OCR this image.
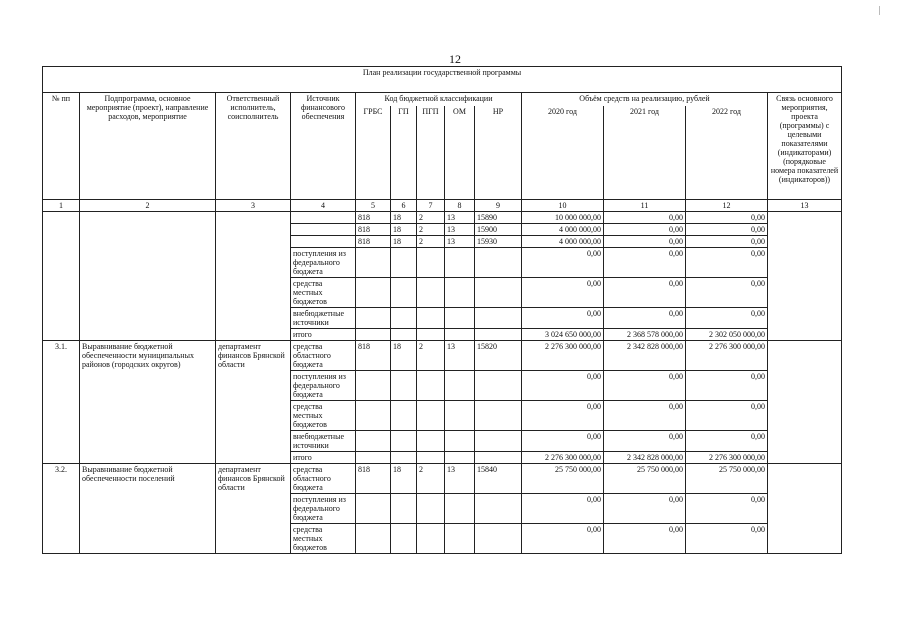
12
План реализации государственной программы												
№ пп	Подпрограмма, основное мероприятие (проект), направление расходов, мероприятие	Ответственный исполнитель, соисполнитель	Источник финансового обеспечения	Код бюджетной классификации					Объём средств на реализацию, рублей			Связь основного мероприятия, проекта (программы) с целевыми показателями (индикаторами) (порядковые номера показателей (индикаторов))
				ГРБС	ГП	ПГП	ОМ	НР	2020 год	2021 год	2022 год	
1	2	3	4	5	6	7	8	9	10	11	12	13
				818	18	2	13	15890	10 000 000,00	0,00	0,00	
				818	18	2	13	15900	4 000 000,00	0,00	0,00	
				818	18	2	13	15930	4 000 000,00	0,00	0,00	
			поступления из федерального бюджета						0,00	0,00	0,00	
			средства местных бюджетов						0,00	0,00	0,00	
			внебюджетные источники						0,00	0,00	0,00	
			итого						3 024 650 000,00	2 368 578 000,00	2 302 050 000,00	
3.1.	Выравнивание бюджетной обеспеченности муниципальных районов (городских округов)	департамент финансов Брянской области	средства областного бюджета	818	18	2	13	15820	2 276 300 000,00	2 342 828 000,00	2 276 300 000,00	
			поступления из федерального бюджета						0,00	0,00	0,00	
			средства местных бюджетов						0,00	0,00	0,00	
			внебюджетные источники						0,00	0,00	0,00	
			итого						2 276 300 000,00	2 342 828 000,00	2 276 300 000,00	
3.2.	Выравнивание бюджетной обеспеченности поселений	департамент финансов Брянской области	средства областного бюджета	818	18	2	13	15840	25 750 000,00	25 750 000,00	25 750 000,00	
			поступления из федерального бюджета						0,00	0,00	0,00	
			средства местных бюджетов						0,00	0,00	0,00	
